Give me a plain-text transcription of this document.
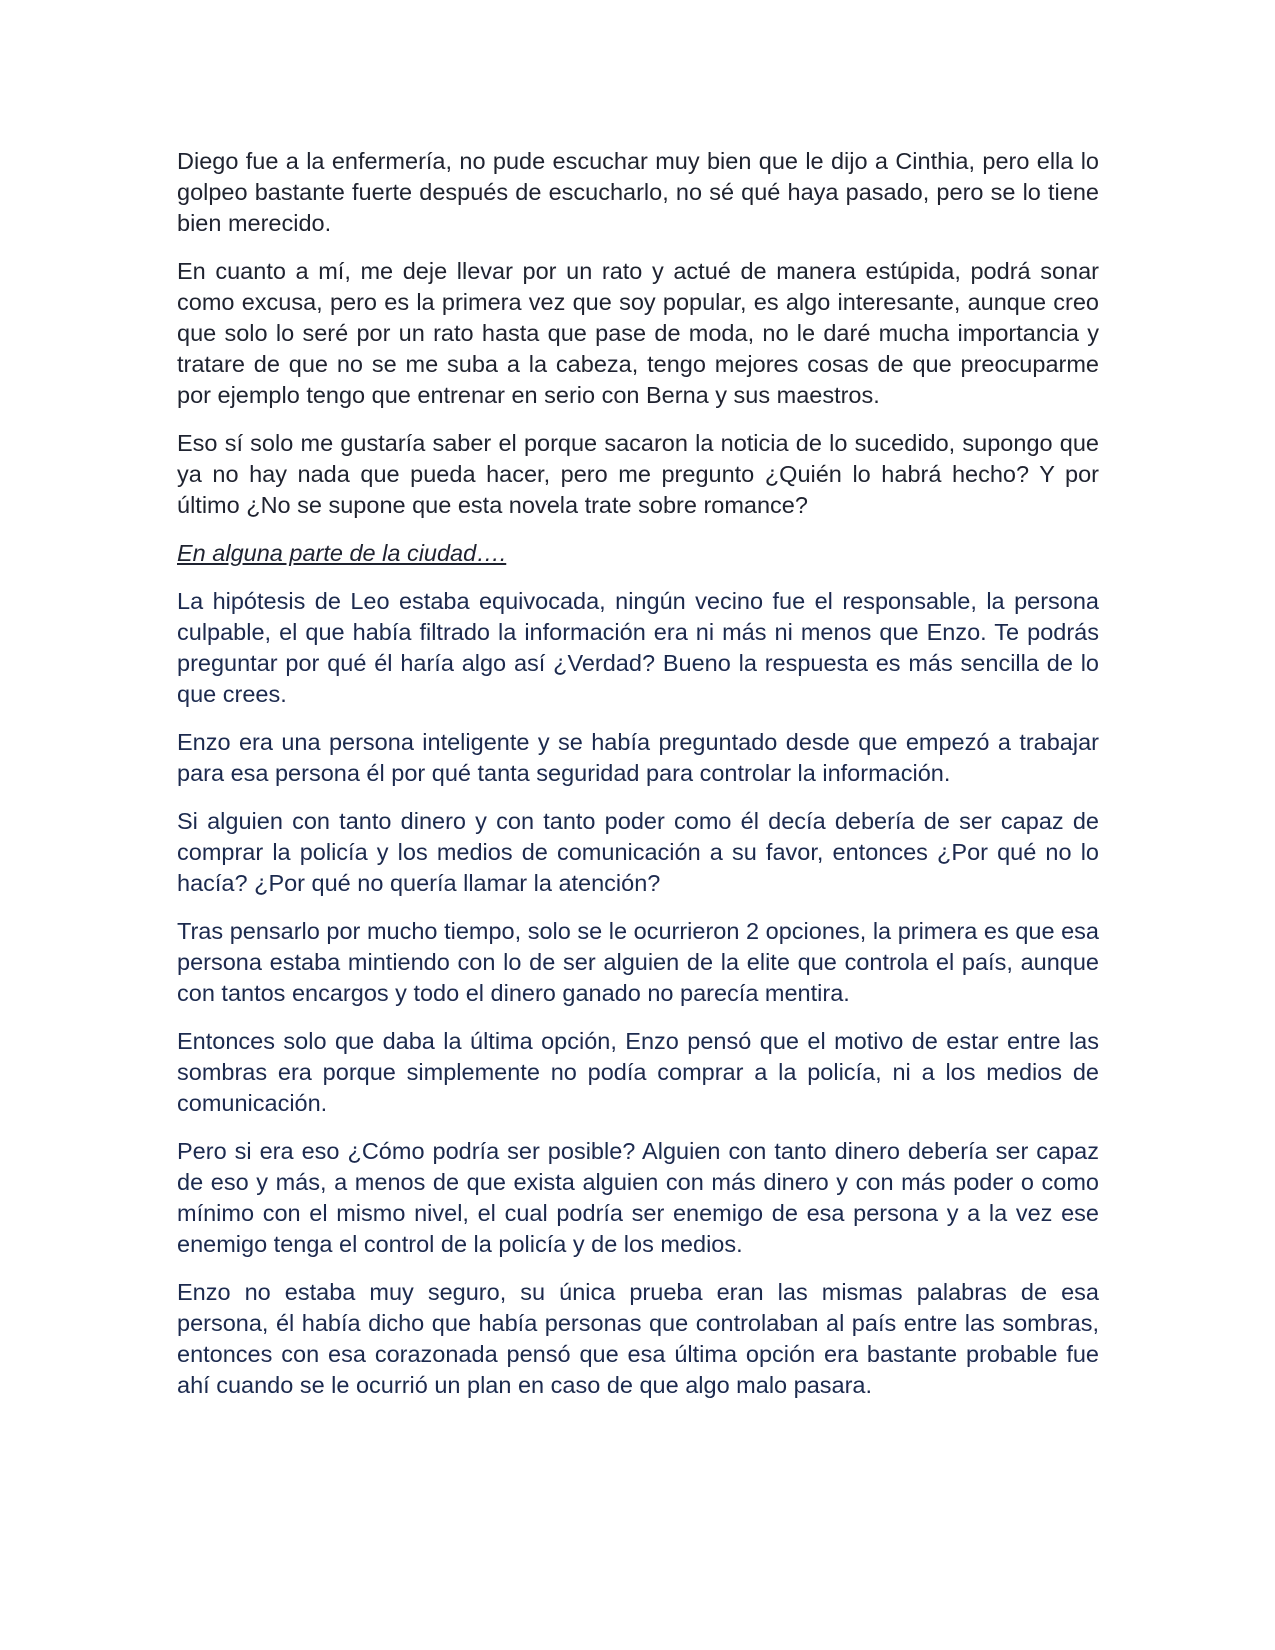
Diego fue a la enfermería, no pude escuchar muy bien que le dijo a Cinthia, pero ella lo golpeo bastante fuerte después de escucharlo, no sé qué haya pasado, pero se lo tiene bien merecido.

En cuanto a mí, me deje llevar por un rato y actué de manera estúpida, podrá sonar como excusa, pero es la primera vez que soy popular, es algo interesante, aunque creo que solo lo seré por un rato hasta que pase de moda, no le daré mucha importancia y tratare de que no se me suba a la cabeza, tengo mejores cosas de que preocuparme por ejemplo tengo que entrenar en serio con Berna y sus maestros.

Eso sí solo me gustaría saber el porque sacaron la noticia de lo sucedido, supongo que ya no hay nada que pueda hacer, pero me pregunto ¿Quién lo habrá hecho? Y por último ¿No se supone que esta novela trate sobre romance?

En alguna parte de la ciudad….

La hipótesis de Leo estaba equivocada, ningún vecino fue el responsable, la persona culpable, el que había filtrado la información era ni más ni menos que Enzo. Te podrás preguntar por qué él haría algo así ¿Verdad? Bueno la respuesta es más sencilla de lo que crees.

Enzo era una persona inteligente y se había preguntado desde que empezó a trabajar para esa persona él por qué tanta seguridad para controlar la información.

Si alguien con tanto dinero y con tanto poder como él decía debería de ser capaz de comprar la policía y los medios de comunicación a su favor, entonces ¿Por qué no lo hacía? ¿Por qué no quería llamar la atención?

Tras pensarlo por mucho tiempo, solo se le ocurrieron 2 opciones, la primera es que esa persona estaba mintiendo con lo de ser alguien de la elite que controla el país, aunque con tantos encargos y todo el dinero ganado no parecía mentira.

Entonces solo que daba la última opción, Enzo pensó que el motivo de estar entre las sombras era porque simplemente no podía comprar a la policía, ni a los medios de comunicación.

Pero si era eso ¿Cómo podría ser posible? Alguien con tanto dinero debería ser capaz de eso y más, a menos de que exista alguien con más dinero y con más poder o como mínimo con el mismo nivel, el cual podría ser enemigo de esa persona y a la vez ese enemigo tenga el control de la policía y de los medios.

Enzo no estaba muy seguro, su única prueba eran las mismas palabras de esa persona, él había dicho que había personas que controlaban al país entre las sombras, entonces con esa corazonada pensó que esa última opción era bastante probable fue ahí cuando se le ocurrió un plan en caso de que algo malo pasara.
